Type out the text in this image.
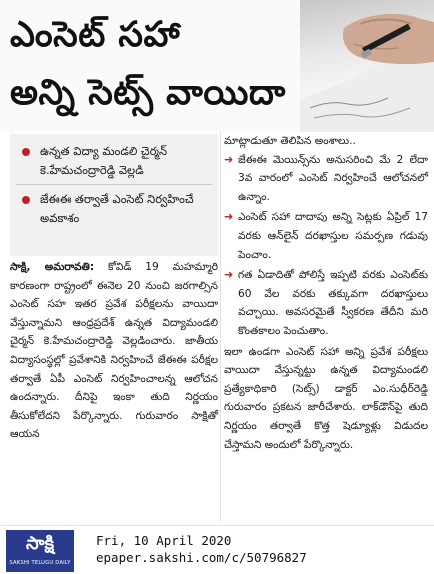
ఎంసెట్ సహా
అన్ని సెట్స్ వాయిదా
ఉన్నత విద్యా మండలి చైర్మన్ కె.హేమచంద్రారెడ్డి వెల్లడి
జేఈఈ తర్వాతే ఎంసెట్ నిర్వహించే అవకాశం

సాక్షి, అమరావతి: కోవిడ్ 19 మహమ్మారి కారణంగా రాష్ట్రంలో ఈనెల 20 నుంచి జరగాల్సిన ఎంసెట్ సహ ఇతర ప్రవేశ పరీక్షలను వాయిదా వేస్తున్నామని ఆంధ్రప్రదేశ్ ఉన్నత విద్యామండలి చైర్మన్ కె.హేమచంద్రారెడ్డి వెల్లడించారు. జాతీయ విద్యాసంస్థల్లో ప్రవేశానికి నిర్వహించే జేఈఈ పరీక్షల తర్వాతే ఏపీ ఎంసెట్ నిర్వహించాలన్న ఆలోచన ఉందన్నారు. దీనిపై ఇంకా తుది నిర్ణయం తీసుకోలేదని పేర్కొన్నారు. గురువారం సాక్షితో ఆయన

మాట్లాడుతూ తెలిపిన అంశాలు..

➜ జేఈఈ మెయిన్స్‌ను అనుసరించి మే 2 లేదా 3వ వారంలో ఎంసెట్ నిర్వహించే ఆలోచనలో ఉన్నాం.
➜ ఎంసెట్ సహా దాదాపు అన్ని సెట్లకు ఏప్రిల్ 17 వరకు ఆన్‌లైన్ దరఖాస్తుల సమర్పణ గడువు పెంచాం.
➜ గత ఏడాదితో పోలిస్తే ఇప్పటి వరకు ఎంసెట్‌కు 60 వేల వరకు తక్కువగా దరఖాస్తులు వచ్చాయి. అవసరమైతే స్వీకరణ తేదీని మరి కొంతకాలం పెంచుతాం.

ఇలా ఉండగా ఎంసెట్ సహా అన్ని ప్రవేశ పరీక్షలు వాయిదా వేస్తున్నట్టు ఉన్నత విద్యామండలి ప్రత్యేకాధికారి (సెట్స్) డాక్టర్ ఎం.సుధీర్‌రెడ్డి గురువారం ప్రకటన జారీచేశారు. లాక్‌డౌన్‌పై తుది నిర్ణయం తర్వాతే కొత్త షెడ్యూళ్లు విడుదల చేస్తామని అందులో పేర్కొన్నారు.

సాక్షి
SAKSHI TELUGU DAILY
Fri, 10 April 2020
epaper.sakshi.com/c/50796827
